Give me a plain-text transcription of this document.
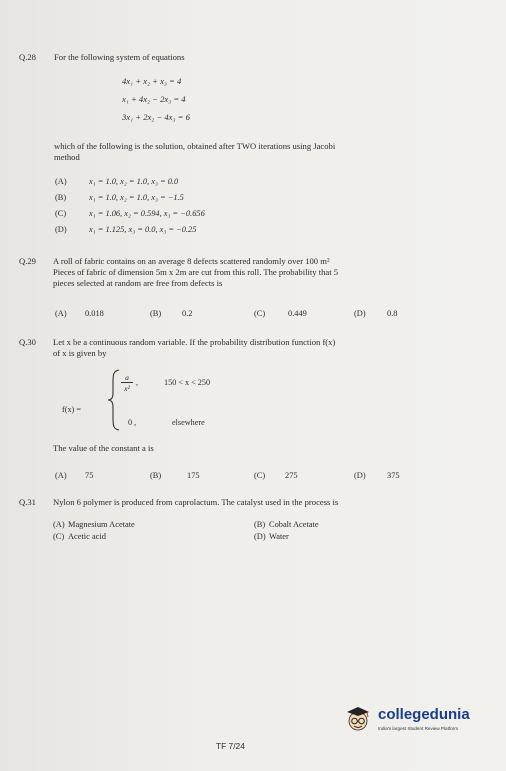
Q.28 For the following system of equations
4x₁ + x₂ + x₃ = 4
x₁ + 4x₂ − 2x₃ = 4
3x₁ + 2x₂ − 4x₃ = 6
which of the following is the solution, obtained after TWO iterations using Jacobi
method
(A)	x₁ = 1.0, x₂ = 1.0, x₃ = 0.0
(B)	x₁ = 1.0, x₂ = 1.0, x₃ = −1.5
(C)	x₁ = 1.06, x₂ = 0.594, x₃ = −0.656
(D)	x₁ = 1.125, x₃ = 0.0, x₃ = −0.25
Q.29 A roll of fabric contains on an average 8 defects scattered randomly over 100 m²
Pieces of fabric of dimension 5m x 2m are cut from this roll. The probability that 5
pieces selected at random are free from defects is
(A) 0.018	(B) 0.2	(C)	0.449	(D)	0.8
Q.30 Let x be a continuous random variable. If the probability distribution function f(x)
of x is given by
f(x) =
a
x²
,	150 < x < 250
0 ,	elsewhere
The value of the constant a is
(A) 75	(B)	175	(C) 275	(D)	375
Q.31 Nylon 6 polymer is produced from caprolactum. The catalyst used in the process is
(A) Magnesium Acetate	(B) Cobalt Acetate
(C) Acetic acid	(D) Water
collegedunia
India's largest Student Review Platform
TF 7/24
